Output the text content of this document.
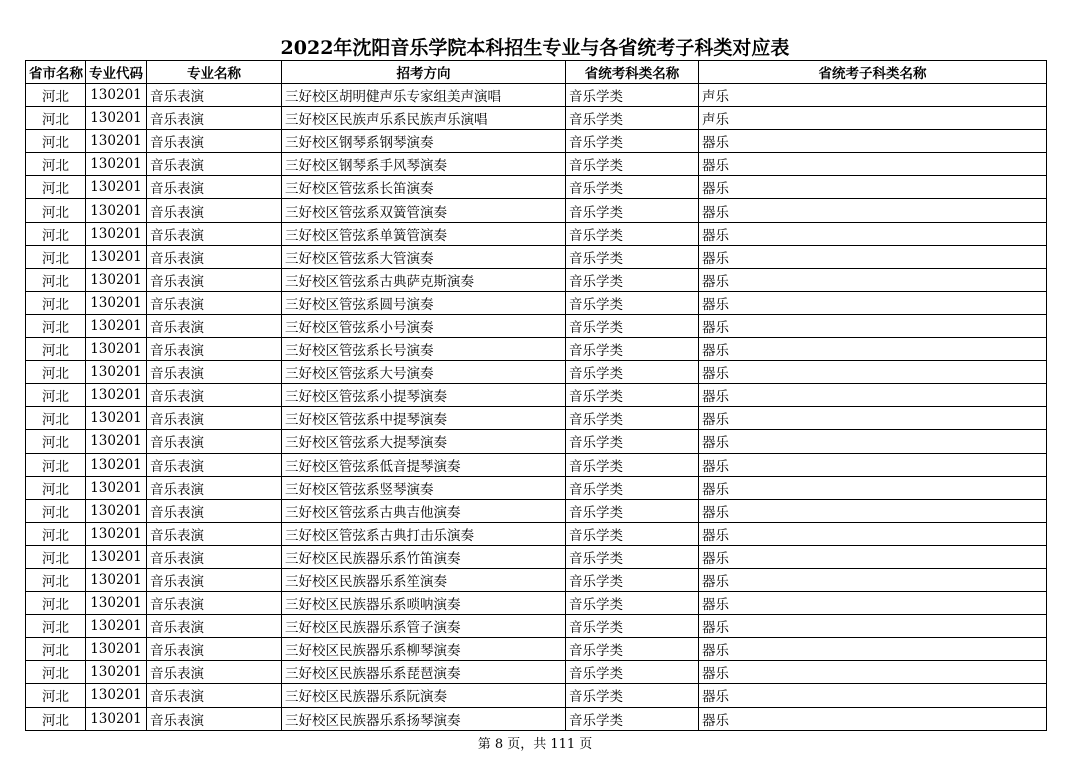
2022年沈阳音乐学院本科招生专业与各省统考子科类对应表
省市名称	专业代码	专业名称	招考方向	省统考科类名称	省统考子科类名称
河北	130201	音乐表演	三好校区胡明健声乐专家组美声演唱	音乐学类	声乐
河北	130201	音乐表演	三好校区民族声乐系民族声乐演唱	音乐学类	声乐
河北	130201	音乐表演	三好校区钢琴系钢琴演奏	音乐学类	器乐
河北	130201	音乐表演	三好校区钢琴系手风琴演奏	音乐学类	器乐
河北	130201	音乐表演	三好校区管弦系长笛演奏	音乐学类	器乐
河北	130201	音乐表演	三好校区管弦系双簧管演奏	音乐学类	器乐
河北	130201	音乐表演	三好校区管弦系单簧管演奏	音乐学类	器乐
河北	130201	音乐表演	三好校区管弦系大管演奏	音乐学类	器乐
河北	130201	音乐表演	三好校区管弦系古典萨克斯演奏	音乐学类	器乐
河北	130201	音乐表演	三好校区管弦系圆号演奏	音乐学类	器乐
河北	130201	音乐表演	三好校区管弦系小号演奏	音乐学类	器乐
河北	130201	音乐表演	三好校区管弦系长号演奏	音乐学类	器乐
河北	130201	音乐表演	三好校区管弦系大号演奏	音乐学类	器乐
河北	130201	音乐表演	三好校区管弦系小提琴演奏	音乐学类	器乐
河北	130201	音乐表演	三好校区管弦系中提琴演奏	音乐学类	器乐
河北	130201	音乐表演	三好校区管弦系大提琴演奏	音乐学类	器乐
河北	130201	音乐表演	三好校区管弦系低音提琴演奏	音乐学类	器乐
河北	130201	音乐表演	三好校区管弦系竖琴演奏	音乐学类	器乐
河北	130201	音乐表演	三好校区管弦系古典吉他演奏	音乐学类	器乐
河北	130201	音乐表演	三好校区管弦系古典打击乐演奏	音乐学类	器乐
河北	130201	音乐表演	三好校区民族器乐系竹笛演奏	音乐学类	器乐
河北	130201	音乐表演	三好校区民族器乐系笙演奏	音乐学类	器乐
河北	130201	音乐表演	三好校区民族器乐系唢呐演奏	音乐学类	器乐
河北	130201	音乐表演	三好校区民族器乐系管子演奏	音乐学类	器乐
河北	130201	音乐表演	三好校区民族器乐系柳琴演奏	音乐学类	器乐
河北	130201	音乐表演	三好校区民族器乐系琵琶演奏	音乐学类	器乐
河北	130201	音乐表演	三好校区民族器乐系阮演奏	音乐学类	器乐
河北	130201	音乐表演	三好校区民族器乐系扬琴演奏	音乐学类	器乐
第 8 页，共 111 页
